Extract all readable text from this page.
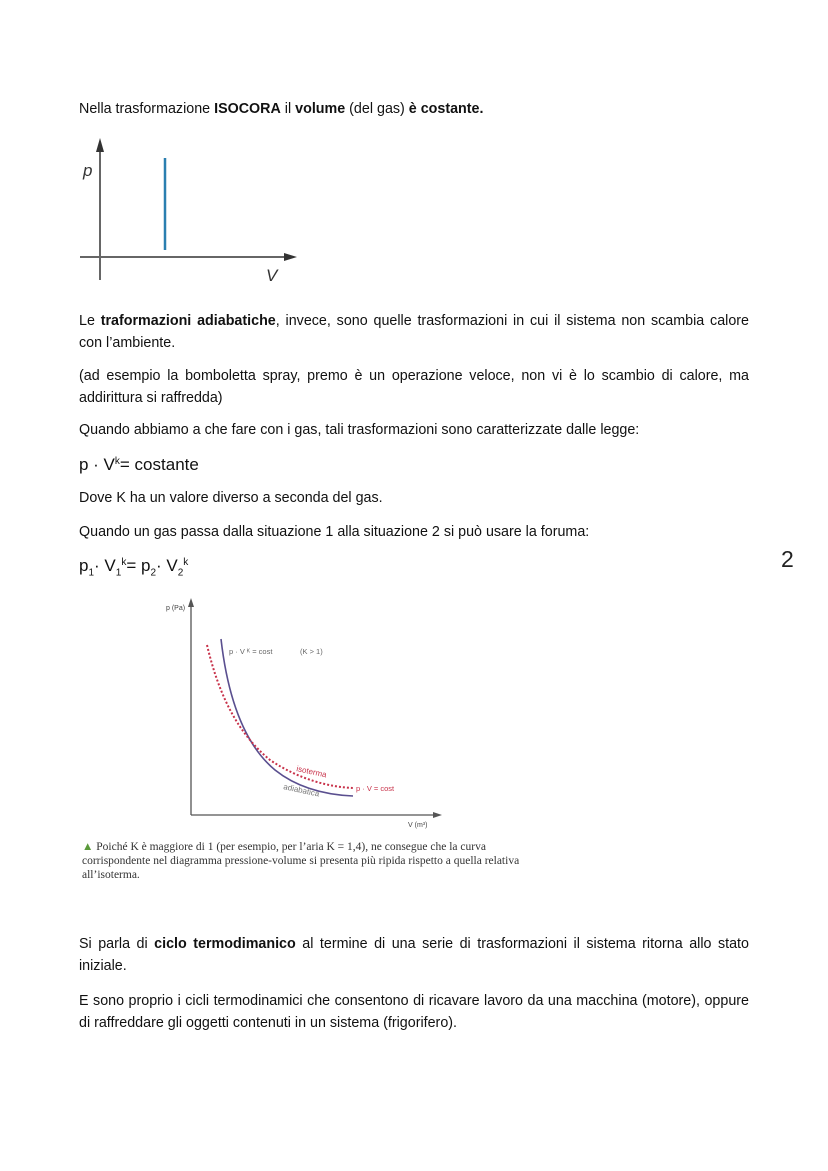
Nella trasformazione ISOCORA il volume (del gas) è costante.
p
V
p (Pa)
V (m³)
p · V ᴷ = cost	(K > 1)
isoterma
adiabatica	p · V = cost
Le traformazioni adiabatiche, invece, sono quelle trasformazioni in cui il sistema non scambia calore con l’ambiente.
(ad esempio la bomboletta spray, premo è un operazione veloce, non vi è lo scambio di calore, ma addirittura si raffredda)
Quando abbiamo a che fare con i gas, tali trasformazioni sono caratterizzate dalle legge:
$p \cdot V^k=$ costante
Dove K ha un valore diverso a seconda del gas.
Quando un gas passa dalla situazione 1 alla situazione 2 si può usare la foruma:
$p_1\cdot V_1^k= p_2\cdot V_2^k$	2
▲ Poiché K è maggiore di 1 (per esempio, per l’aria K = 1,4), ne consegue che la curva corrispondente nel diagramma pressione-volume si presenta più ripida rispetto a quella relativa all’isoterma.
Si parla di ciclo termodimanico al termine di una serie di trasformazioni il sistema ritorna allo stato iniziale.
E sono proprio i cicli termodinamici che consentono di ricavare lavoro da una macchina (motore), oppure di raffreddare gli oggetti contenuti in un sistema (frigorifero).
